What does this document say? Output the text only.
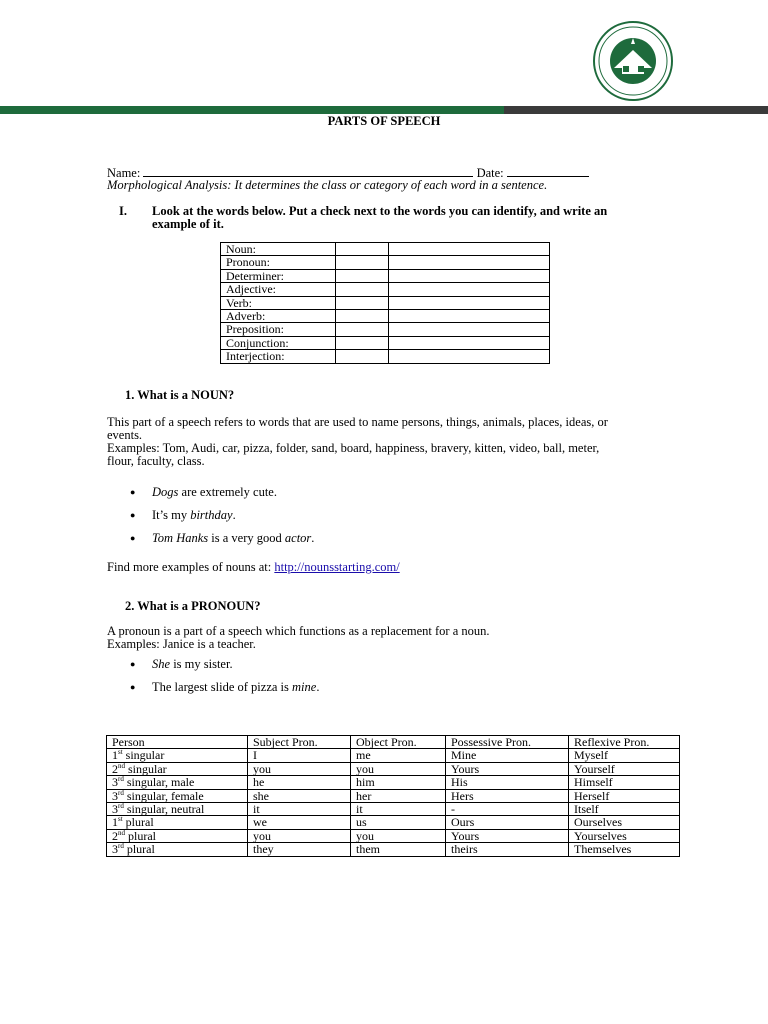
PARTS OF SPEECH
Name:	Date:
Morphological Analysis: It determines the class or category of each word in a sentence.
I. Look at the words below. Put a check next to the words you can identify, and write an
example of it.
Noun:		
Pronoun:		
Determiner:		
Adjective:		
Verb:		
Adverb:		
Preposition:		
Conjunction:		
Interjection:		
1. What is a NOUN?
This part of a speech refers to words that are used to name persons, things, animals, places, ideas, or
events.
Examples: Tom, Audi, car, pizza, folder, sand, board, happiness, bravery, kitten, video, ball, meter,
flour, faculty, class.
● Dogs are extremely cute.
● It’s my birthday.
● Tom Hanks is a very good actor.
Find more examples of nouns at: http://nounsstarting.com/
2. What is a PRONOUN?
A pronoun is a part of a speech which functions as a replacement for a noun.
Examples: Janice is a teacher.
● She is my sister.
● The largest slide of pizza is mine.
Person	Subject Pron.	Object Pron.	Possessive Pron.	Reflexive Pron.
1st singular	I	me	Mine	Myself
2nd singular	you	you	Yours	Yourself
3rd singular, male	he	him	His	Himself
3rd singular, female	she	her	Hers	Herself
3rd singular, neutral	it	it	-	Itself
1st plural	we	us	Ours	Ourselves
2nd plural	you	you	Yours	Yourselves
3rd plural	they	them	theirs	Themselves
